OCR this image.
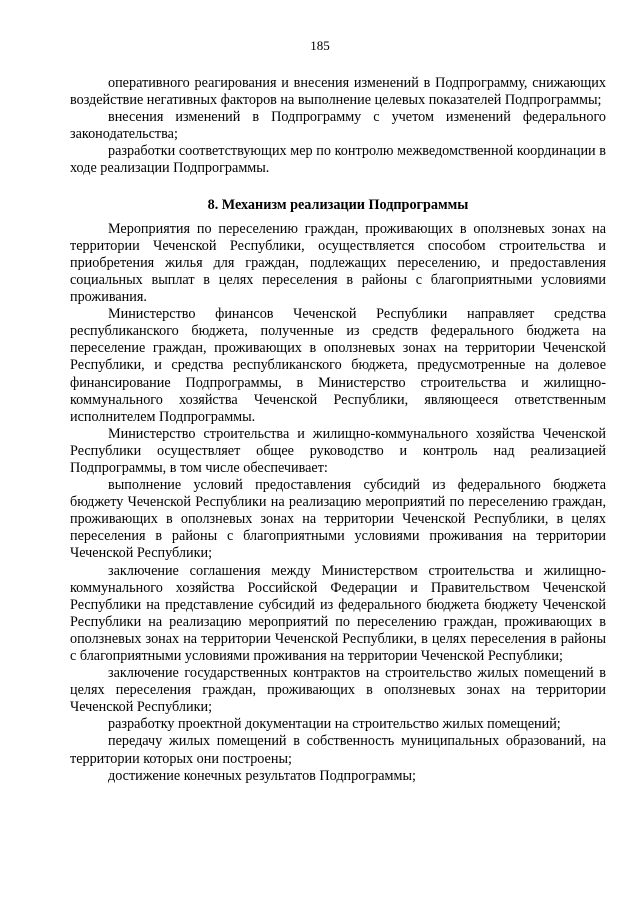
185

оперативного реагирования и внесения изменений в Подпрограмму, снижающих воздействие негативных факторов на выполнение целевых показателей Подпрограммы;

внесения изменений в Подпрограмму с учетом изменений федерального законодательства;

разработки соответствующих мер по контролю межведомственной координации в ходе реализации Подпрограммы.

8. Механизм реализации Подпрограммы

Мероприятия по переселению граждан, проживающих в оползневых зонах на территории Чеченской Республики, осуществляется способом строительства и приобретения жилья для граждан, подлежащих переселению, и предоставления социальных выплат в целях переселения в районы с благоприятными условиями проживания.

Министерство финансов Чеченской Республики направляет средства республиканского бюджета, полученные из средств федерального бюджета на переселение граждан, проживающих в оползневых зонах на территории Чеченской Республики, и средства республиканского бюджета, предусмотренные на долевое финансирование Подпрограммы, в Министерство строительства и жилищно-коммунального хозяйства Чеченской Республики, являющееся ответственным исполнителем Подпрограммы.

Министерство строительства и жилищно-коммунального хозяйства Чеченской Республики осуществляет общее руководство и контроль над реализацией Подпрограммы, в том числе обеспечивает:

выполнение условий предоставления субсидий из федерального бюджета бюджету Чеченской Республики на реализацию мероприятий по переселению граждан, проживающих в оползневых зонах на территории Чеченской Республики, в целях переселения в районы с благоприятными условиями проживания на территории Чеченской Республики;

заключение соглашения между Министерством строительства и жилищно-коммунального хозяйства Российской Федерации и Правительством Чеченской Республики на представление субсидий из федерального бюджета бюджету Чеченской Республики на реализацию мероприятий по переселению граждан, проживающих в оползневых зонах на территории Чеченской Республики, в целях переселения в районы с благоприятными условиями проживания на территории Чеченской Республики;

заключение государственных контрактов на строительство жилых помещений в целях переселения граждан, проживающих в оползневых зонах на территории Чеченской Республики;

разработку проектной документации на строительство жилых помещений;

передачу жилых помещений в собственность муниципальных образований, на территории которых они построены;

достижение конечных результатов Подпрограммы;
